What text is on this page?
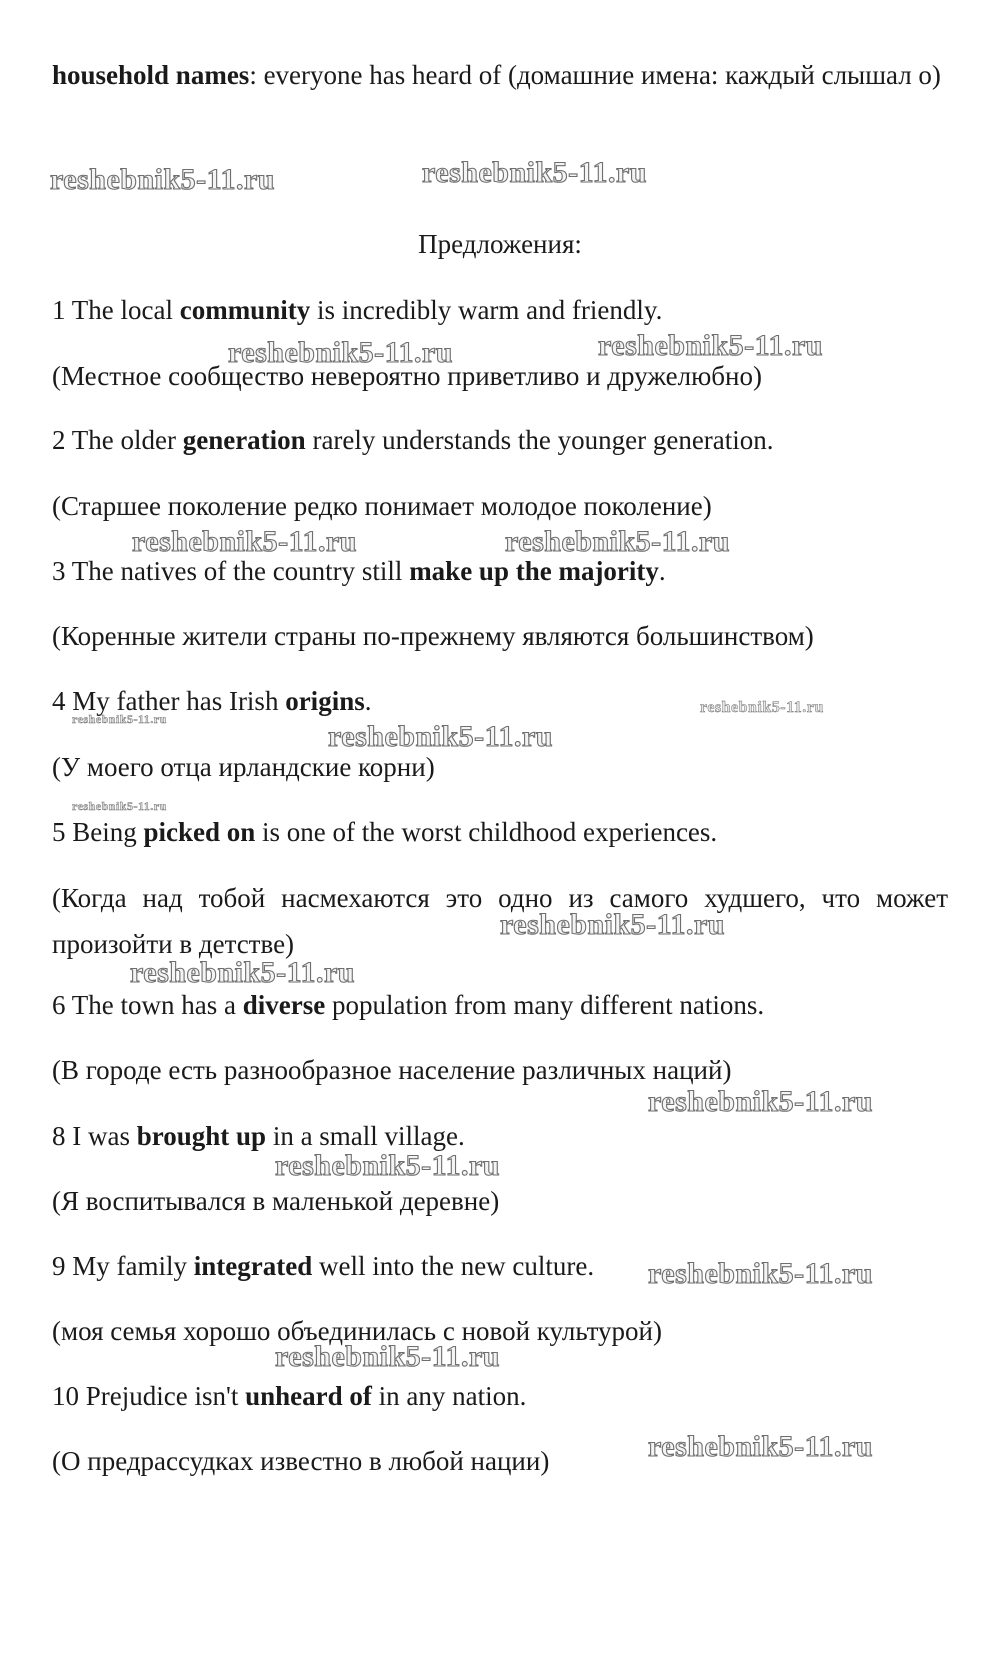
household names: everyone has heard of (домашние имена: каждый слышал о)
Предложения:
1 The local community is incredibly warm and friendly.
(Местное сообщество невероятно приветливо и дружелюбно)
2 The older generation rarely understands the younger generation.
(Старшее поколение редко понимает молодое поколение)
3 The natives of the country still make up the majority.
(Коренные жители страны по-прежнему являются большинством)
4 My father has Irish origins.
(У моего отца ирландские корни)
5 Being picked on is one of the worst childhood experiences.
(Когда над тобой насмехаются это одно из самого худшего, что может произойти в детстве)
6 The town has a diverse population from many different nations.
(В городе есть разнообразное население различных наций)
8 I was brought up in a small village.
(Я воспитывался в маленькой деревне)
9 My family integrated well into the new culture.
(моя семья хорошо объединилась с новой культурой)
10 Prejudice isn't unheard of in any nation.
(О предрассудках известно в любой нации)
reshebnik5-11.ru	reshebnik5-11.ru
reshebnik5-11.ru	reshebnik5-11.ru
reshebnik5-11.ru	reshebnik5-11.ru
reshebnik5-11.ru
reshebnik5-11.ru
reshebnik5-11.ru
reshebnik5-11.ru
reshebnik5-11.ru
reshebnik5-11.ru
reshebnik5-11.ru
reshebnik5-11.ru
reshebnik5-11.ru
reshebnik5-11.ru
reshebnik5-11.ru
